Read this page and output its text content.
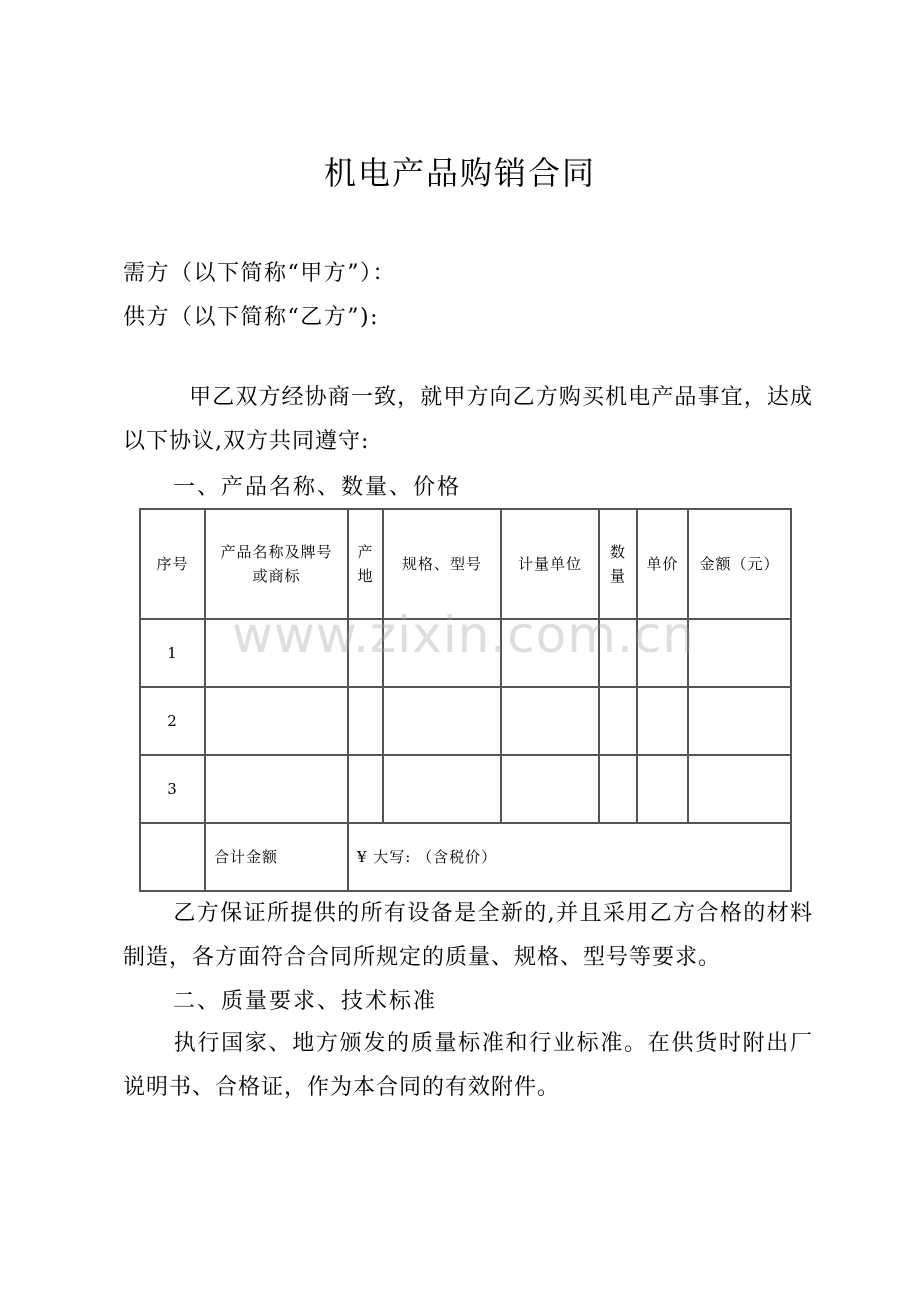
机电产品购销合同
需方（以下简称“甲方”）：
供方（以下简称“乙方”):
甲乙双方经协商一致，就甲方向乙方购买机电产品事宜，达成以下协议,双方共同遵守:
一、产品名称、数量、价格
序号	产品名称及牌号或商标	产地	规格、型号	计量单位	数量	单价	金额（元）
1							
2							
3							
	合计金额	¥ 大写: （含税价）					
www.zixin.com.cn
乙方保证所提供的所有设备是全新的,并且采用乙方合格的材料制造，各方面符合合同所规定的质量、规格、型号等要求。
二、质量要求、技术标准
执行国家、地方颁发的质量标准和行业标准。在供货时附出厂说明书、合格证，作为本合同的有效附件。
